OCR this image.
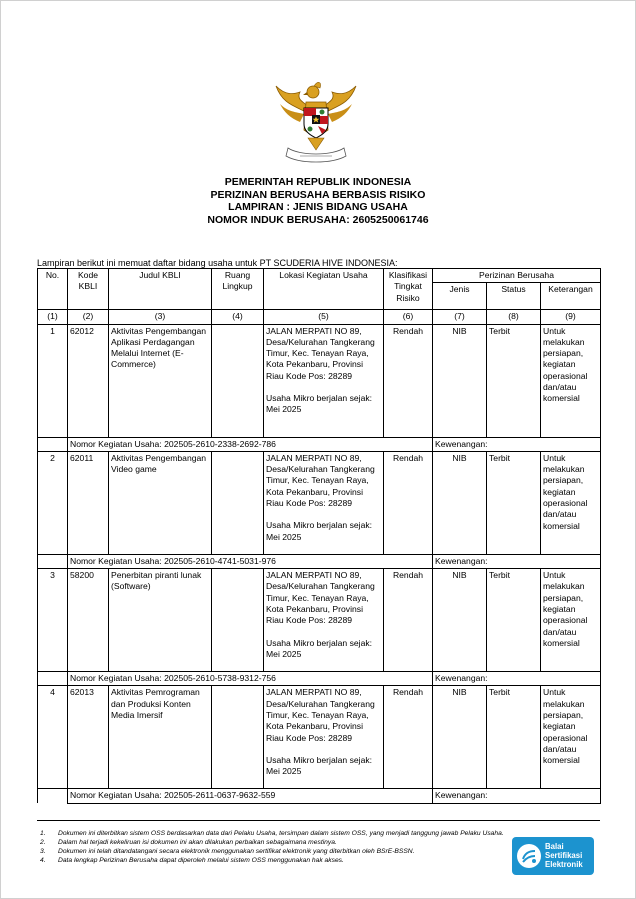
PEMERINTAH REPUBLIK INDONESIA
PERIZINAN BERUSAHA BERBASIS RISIKO
LAMPIRAN : JENIS BIDANG USAHA
NOMOR INDUK BERUSAHA: 2605250061746
Lampiran berikut ini memuat daftar bidang usaha untuk PT SCUDERIA HIVE INDONESIA:
No.	Kode KBLI	Judul KBLI	Ruang Lingkup	Lokasi Kegiatan Usaha	Klasifikasi Tingkat Risiko	Perizinan Berusaha		
						Jenis	Status	Keterangan
(1)	(2)	(3)	(4)	(5)	(6)	(7)	(8)	(9)
1	62012	Aktivitas Pengembangan Aplikasi Perdagangan Melalui Internet (E-Commerce)		JALAN MERPATI NO 89, Desa/Kelurahan Tangkerang Timur, Kec. Tenayan Raya, Kota Pekanbaru, Provinsi Riau Kode Pos: 28289
Usaha Mikro berjalan sejak: Mei 2025	Rendah	NIB	Terbit	Untuk melakukan persiapan, kegiatan operasional dan/atau komersial
	Nomor Kegiatan Usaha: 202505-2610-2338-2692-786					Kewenangan:		
2	62011	Aktivitas Pengembangan Video game		JALAN MERPATI NO 89, Desa/Kelurahan Tangkerang Timur, Kec. Tenayan Raya, Kota Pekanbaru, Provinsi Riau Kode Pos: 28289
Usaha Mikro berjalan sejak: Mei 2025	Rendah	NIB	Terbit	Untuk melakukan persiapan, kegiatan operasional dan/atau komersial
	Nomor Kegiatan Usaha: 202505-2610-4741-5031-976					Kewenangan:		
3	58200	Penerbitan piranti lunak (Software)		JALAN MERPATI NO 89, Desa/Kelurahan Tangkerang Timur, Kec. Tenayan Raya, Kota Pekanbaru, Provinsi Riau Kode Pos: 28289
Usaha Mikro berjalan sejak: Mei 2025	Rendah	NIB	Terbit	Untuk melakukan persiapan, kegiatan operasional dan/atau komersial
	Nomor Kegiatan Usaha: 202505-2610-5738-9312-756					Kewenangan:		
4	62013	Aktivitas Pemrograman dan Produksi Konten Media Imersif		JALAN MERPATI NO 89, Desa/Kelurahan Tangkerang Timur, Kec. Tenayan Raya, Kota Pekanbaru, Provinsi Riau Kode Pos: 28289
Usaha Mikro berjalan sejak: Mei 2025	Rendah	NIB	Terbit	Untuk melakukan persiapan, kegiatan operasional dan/atau komersial
	Nomor Kegiatan Usaha: 202505-2611-0637-9632-559					Kewenangan:		
1. Dokumen ini diterbitkan sistem OSS berdasarkan data dari Pelaku Usaha, tersimpan dalam sistem OSS, yang menjadi tanggung jawab Pelaku Usaha.
2. Dalam hal terjadi kekeliruan isi dokumen ini akan dilakukan perbaikan sebagaimana mestinya.
3. Dokumen ini telah ditandatangani secara elektronik menggunakan sertifikat elektronik yang diterbitkan oleh BSrE-BSSN.
4. Data lengkap Perizinan Berusaha dapat diperoleh melalui sistem OSS menggunakan hak akses.
Balai
Sertifikasi
Elektronik
